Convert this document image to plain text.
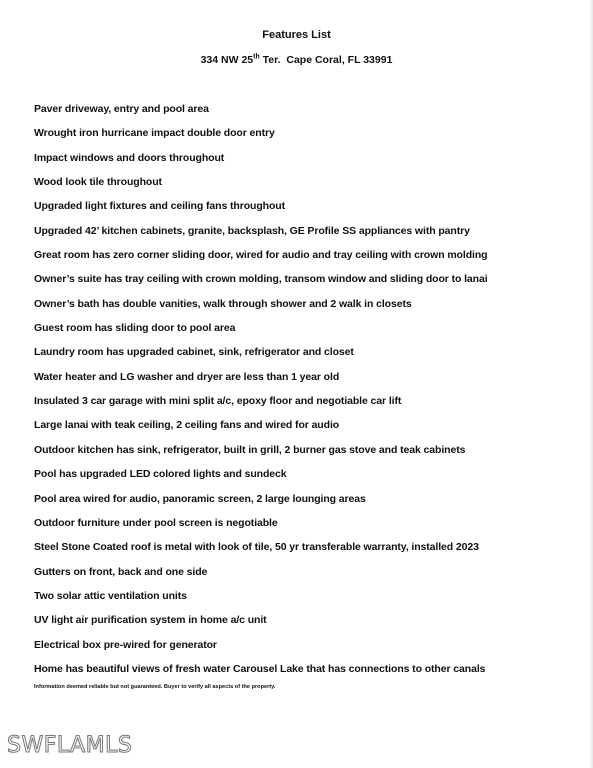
Features List
334 NW 25th Ter.  Cape Coral, FL 33991
Paver driveway, entry and pool area
Wrought iron hurricane impact double door entry
Impact windows and doors throughout
Wood look tile throughout
Upgraded light fixtures and ceiling fans throughout
Upgraded 42’ kitchen cabinets, granite, backsplash, GE Profile SS appliances with pantry
Great room has zero corner sliding door, wired for audio and tray ceiling with crown molding
Owner’s suite has tray ceiling with crown molding, transom window and sliding door to lanai
Owner’s bath has double vanities, walk through shower and 2 walk in closets
Guest room has sliding door to pool area
Laundry room has upgraded cabinet, sink, refrigerator and closet
Water heater and LG washer and dryer are less than 1 year old
Insulated 3 car garage with mini split a/c, epoxy floor and negotiable car lift
Large lanai with teak ceiling, 2 ceiling fans and wired for audio
Outdoor kitchen has sink, refrigerator, built in grill, 2 burner gas stove and teak cabinets
Pool has upgraded LED colored lights and sundeck
Pool area wired for audio, panoramic screen, 2 large lounging areas
Outdoor furniture under pool screen is negotiable
Steel Stone Coated roof is metal with look of tile, 50 yr transferable warranty, installed 2023
Gutters on front, back and one side
Two solar attic ventilation units
UV light air purification system in home a/c unit
Electrical box pre-wired for generator
Home has beautiful views of fresh water Carousel Lake that has connections to other canals
Information deemed reliable but not guaranteed. Buyer to verify all aspects of the property.
SWFLAMLS
